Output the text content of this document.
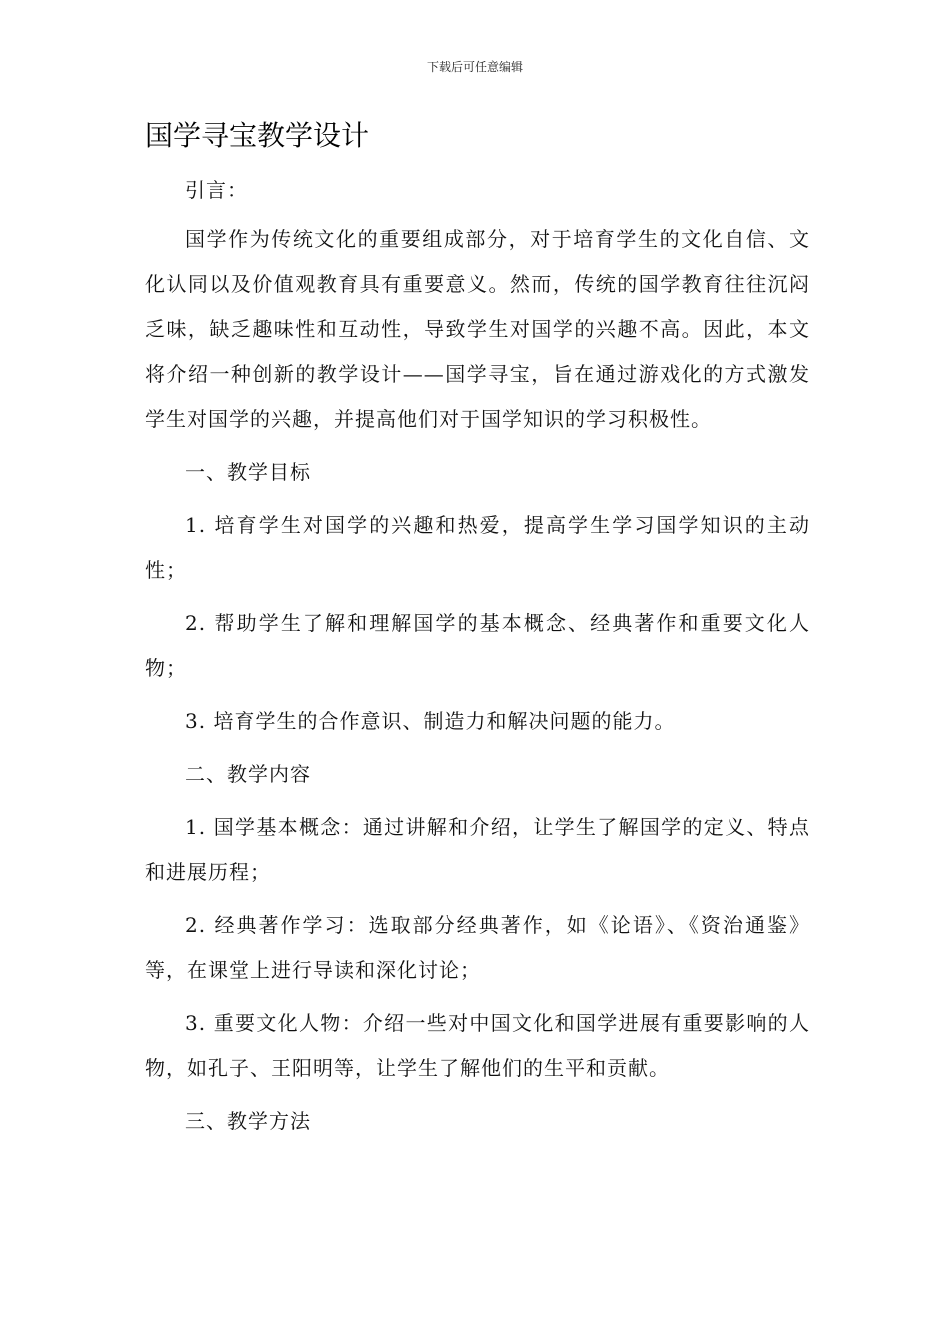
下载后可任意编辑
国学寻宝教学设计

引言：

国学作为传统文化的重要组成部分，对于培育学生的文化自信、文化认同以及价值观教育具有重要意义。然而，传统的国学教育往往沉闷乏味，缺乏趣味性和互动性，导致学生对国学的兴趣不高。因此，本文将介绍一种创新的教学设计——国学寻宝，旨在通过游戏化的方式激发学生对国学的兴趣，并提高他们对于国学知识的学习积极性。

一、教学目标

1. 培育学生对国学的兴趣和热爱，提高学生学习国学知识的主动性；

2. 帮助学生了解和理解国学的基本概念、经典著作和重要文化人物；

3. 培育学生的合作意识、制造力和解决问题的能力。

二、教学内容

1. 国学基本概念：通过讲解和介绍，让学生了解国学的定义、特点和进展历程；

2. 经典著作学习：选取部分经典著作，如《论语》、《资治通鉴》等，在课堂上进行导读和深化讨论；

3. 重要文化人物：介绍一些对中国文化和国学进展有重要影响的人物，如孔子、王阳明等，让学生了解他们的生平和贡献。

三、教学方法
